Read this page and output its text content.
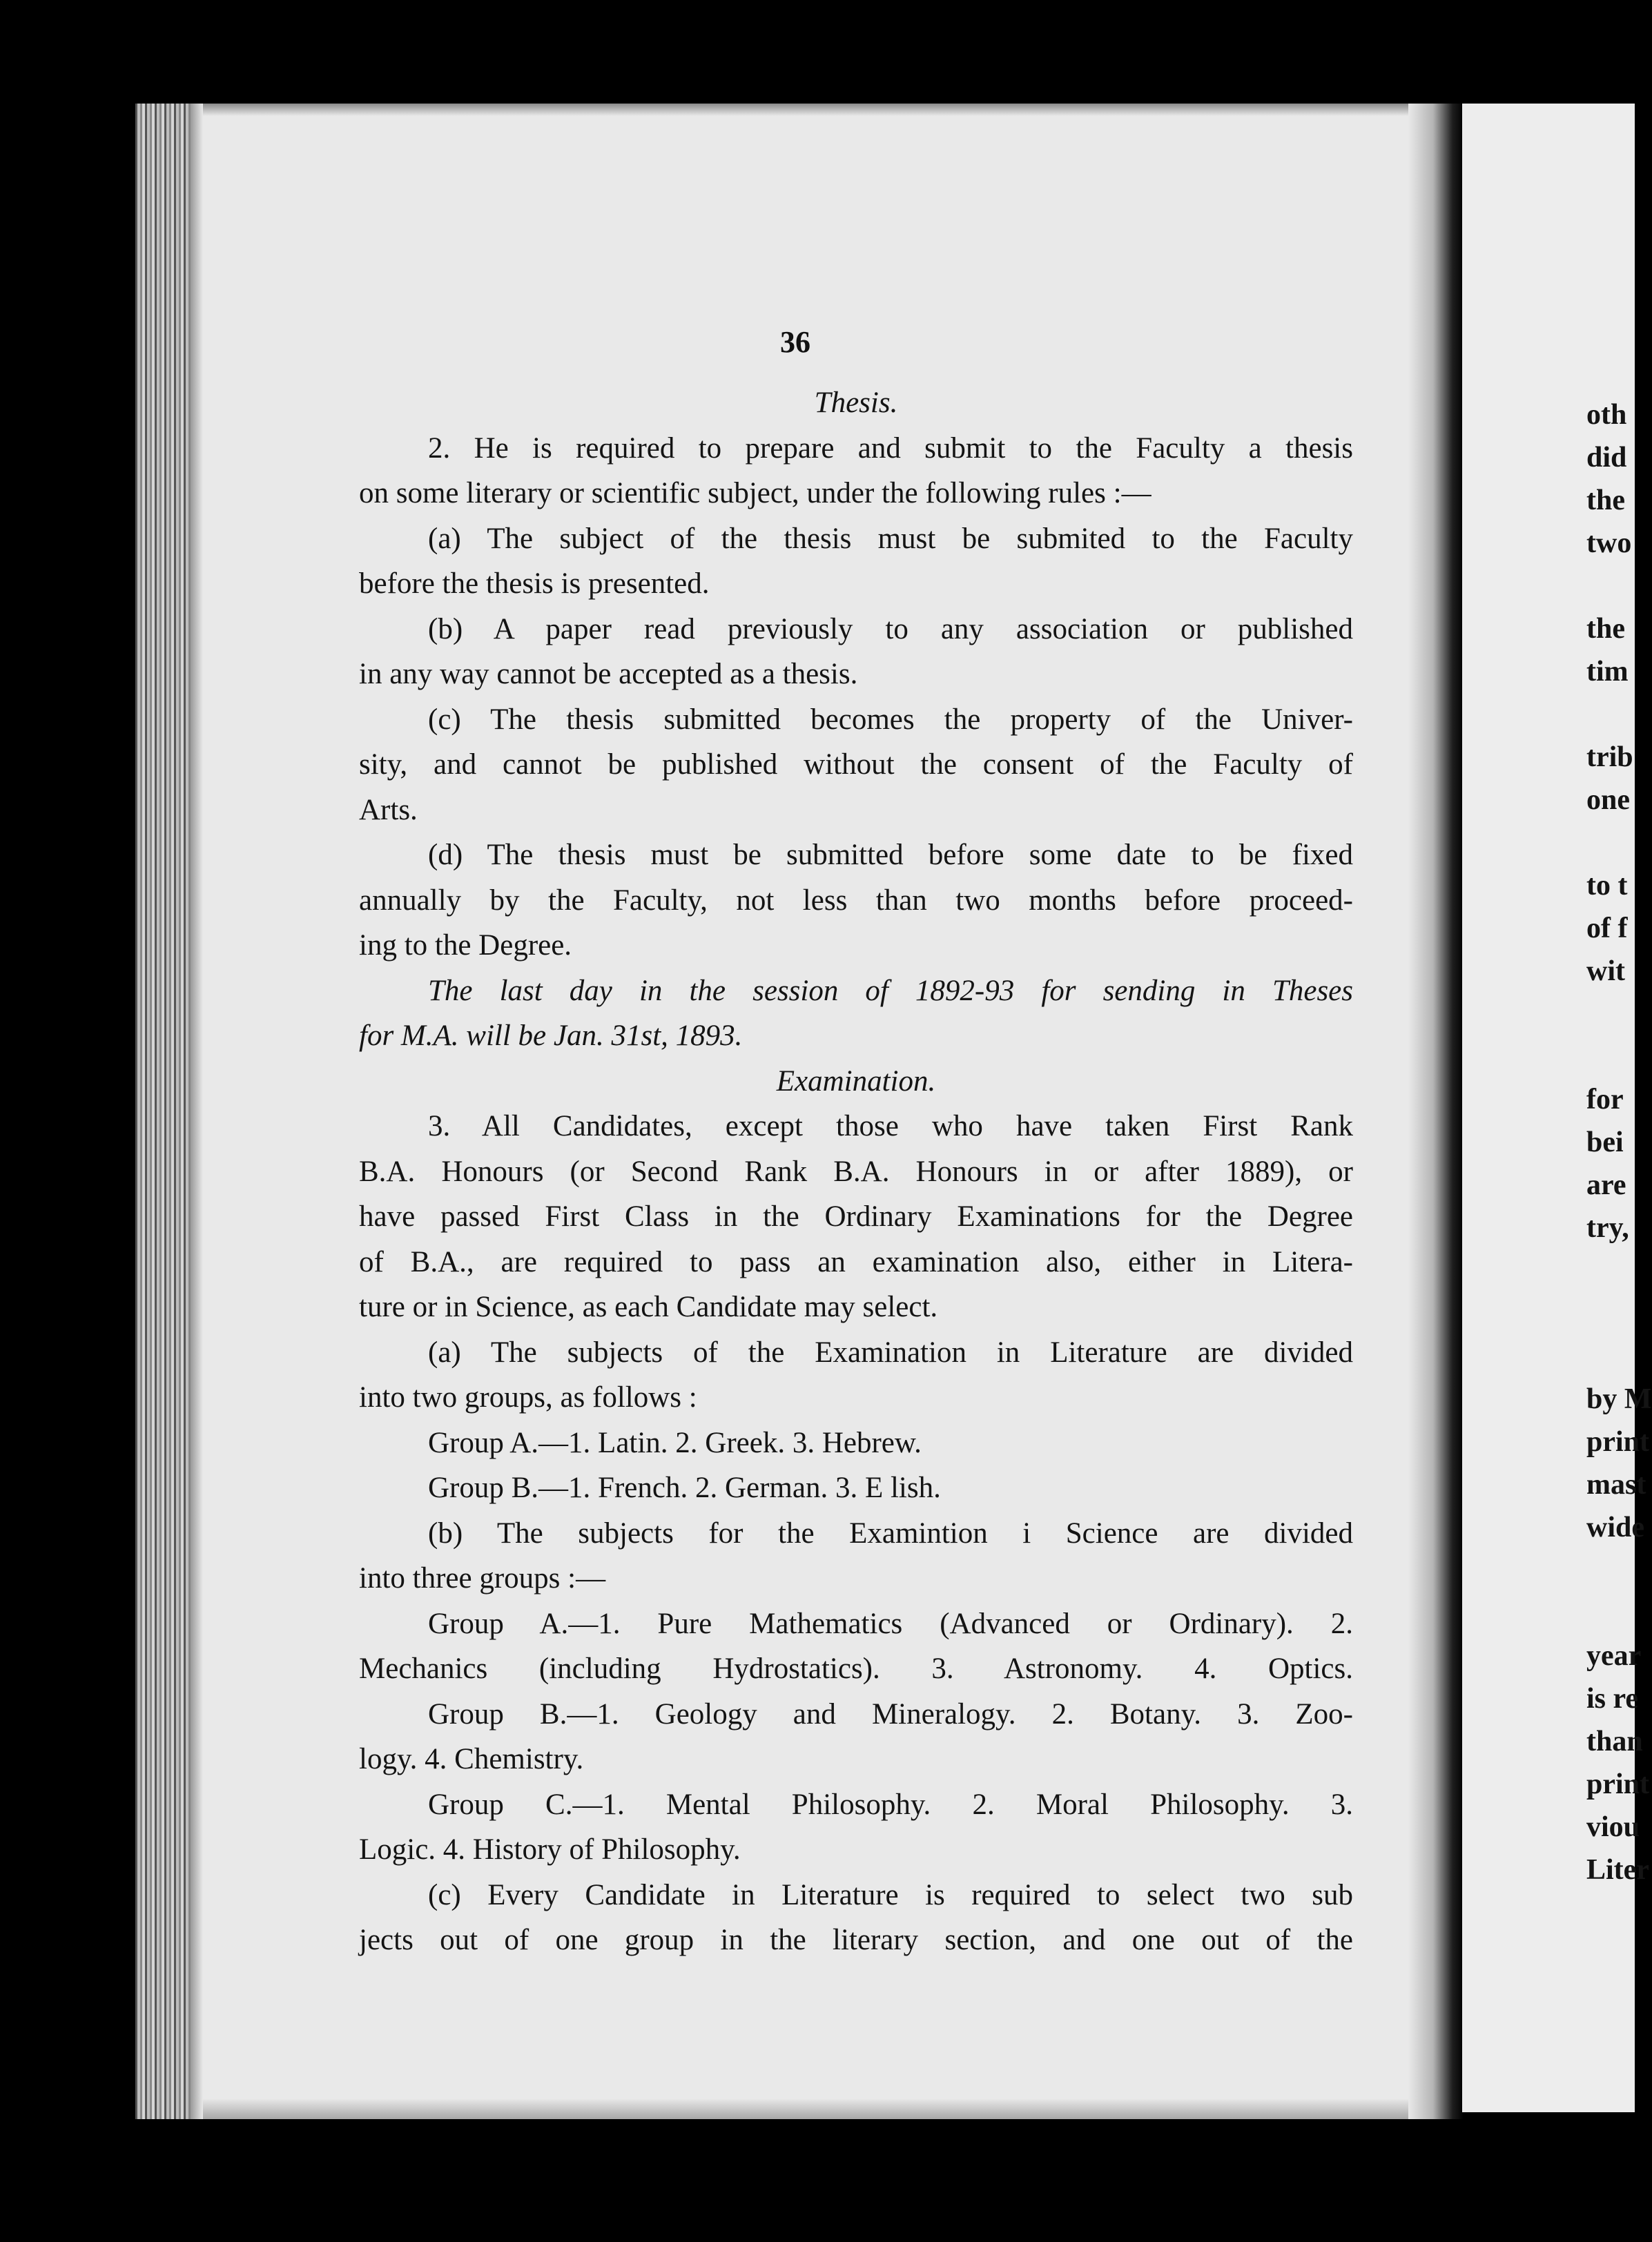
36
Thesis.
2. He is required to prepare and submit to the Faculty a thesis
on some literary or scientific subject, under the following rules :—
(a) The subject of the thesis must be submited to the Faculty
before the thesis is presented.
(b) A paper read previously to any association or published
in any way cannot be accepted as a thesis.
(c) The thesis submitted becomes the property of the Univer-
sity, and cannot be published without the consent of the Faculty of
Arts.
(d) The thesis must be submitted before some date to be fixed
annually by the Faculty, not less than two months before proceed-
ing to the Degree.
The last day in the session of 1892-93 for sending in Theses
for M.A. will be Jan. 31st, 1893.
Examination.
3. All Candidates, except those who have taken First Rank
B.A. Honours (or Second Rank B.A. Honours in or after 1889), or
have passed First Class in the Ordinary Examinations for the Degree
of B.A., are required to pass an examination also, either in Litera-
ture or in Science, as each Candidate may select.
(a) The subjects of the Examination in Literature are divided
into two groups, as follows :
Group A.—1. Latin. 2. Greek. 3. Hebrew.
Group B.—1. French. 2. German. 3. E lish.
(b) The subjects for the Examintion i Science are divided
into three groups :—
Group A.—1. Pure Mathematics (Advanced or Ordinary). 2.
Mechanics (including Hydrostatics). 3. Astronomy. 4. Optics.
Group B.—1. Geology and Mineralogy. 2. Botany. 3. Zoo-
logy. 4. Chemistry.
Group C.—1. Mental Philosophy. 2. Moral Philosophy. 3.
Logic. 4. History of Philosophy.
(c) Every Candidate in Literature is required to select two sub
jects out of one group in the literary section, and one out of the
oth
did
the
two
the
tim
trib
one
to t
of f
wit
for
bei
are
try,
by M
print
mast
wide
year
is re
than
print
viou
Liter
